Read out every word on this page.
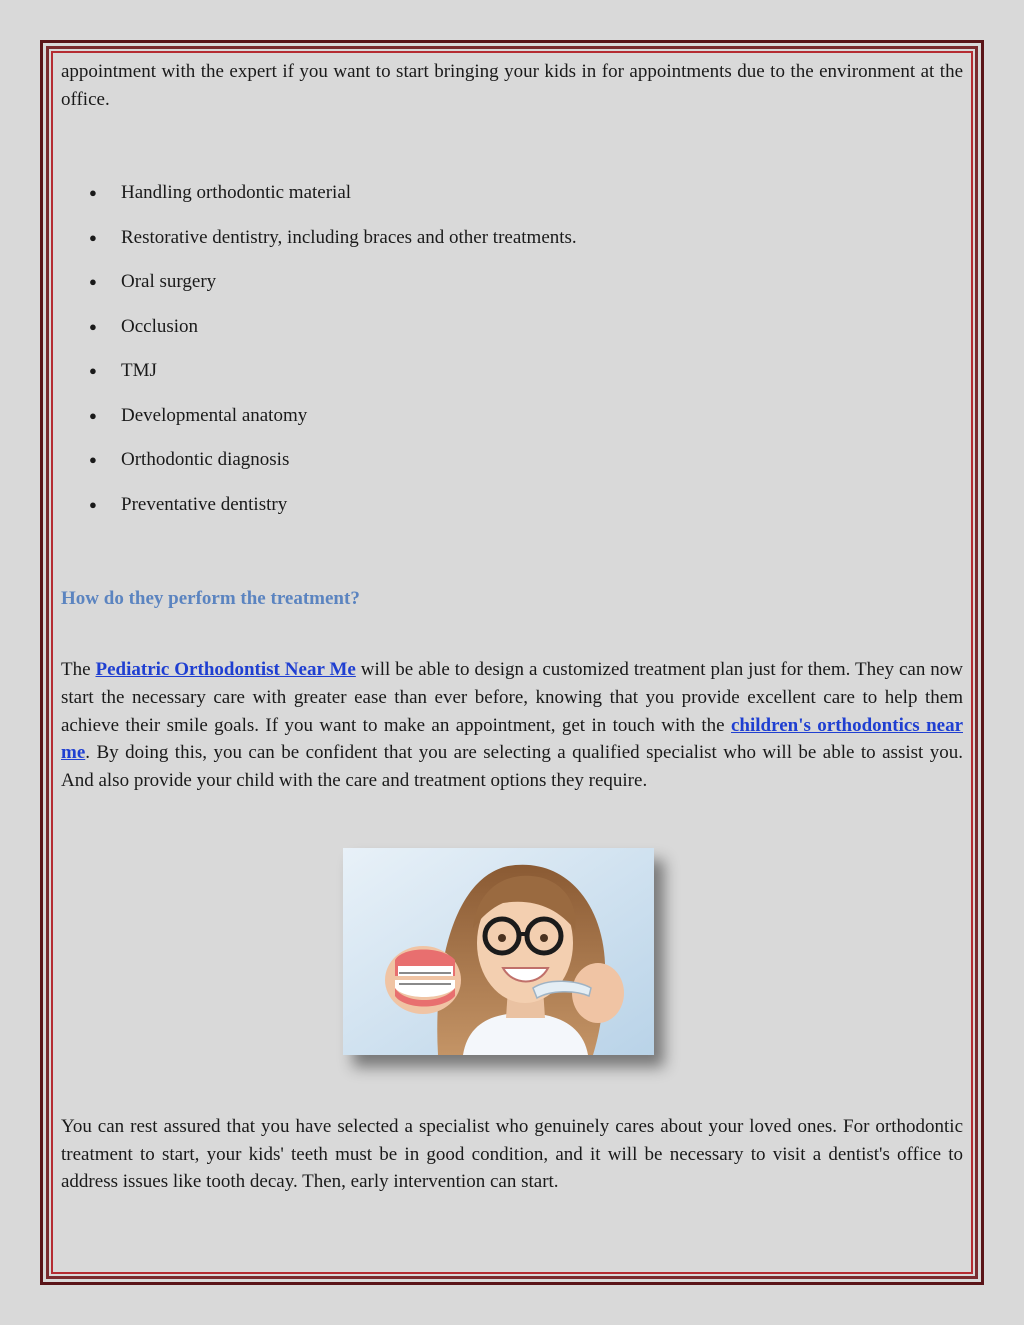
appointment with the expert if you want to start bringing your kids in for appointments due to the environment at the office.

● Handling orthodontic material
● Restorative dentistry, including braces and other treatments.
● Oral surgery
● Occlusion
● TMJ
● Developmental anatomy
● Orthodontic diagnosis
● Preventative dentistry

How do they perform the treatment?

The Pediatric Orthodontist Near Me will be able to design a customized treatment plan just for them. They can now start the necessary care with greater ease than ever before, knowing that you provide excellent care to help them achieve their smile goals. If you want to make an appointment, get in touch with the children's orthodontics near me. By doing this, you can be confident that you are selecting a qualified specialist who will be able to assist you. And also provide your child with the care and treatment options they require.

You can rest assured that you have selected a specialist who genuinely cares about your loved ones. For orthodontic treatment to start, your kids' teeth must be in good condition, and it will be necessary to visit a dentist's office to address issues like tooth decay. Then, early intervention can start.
